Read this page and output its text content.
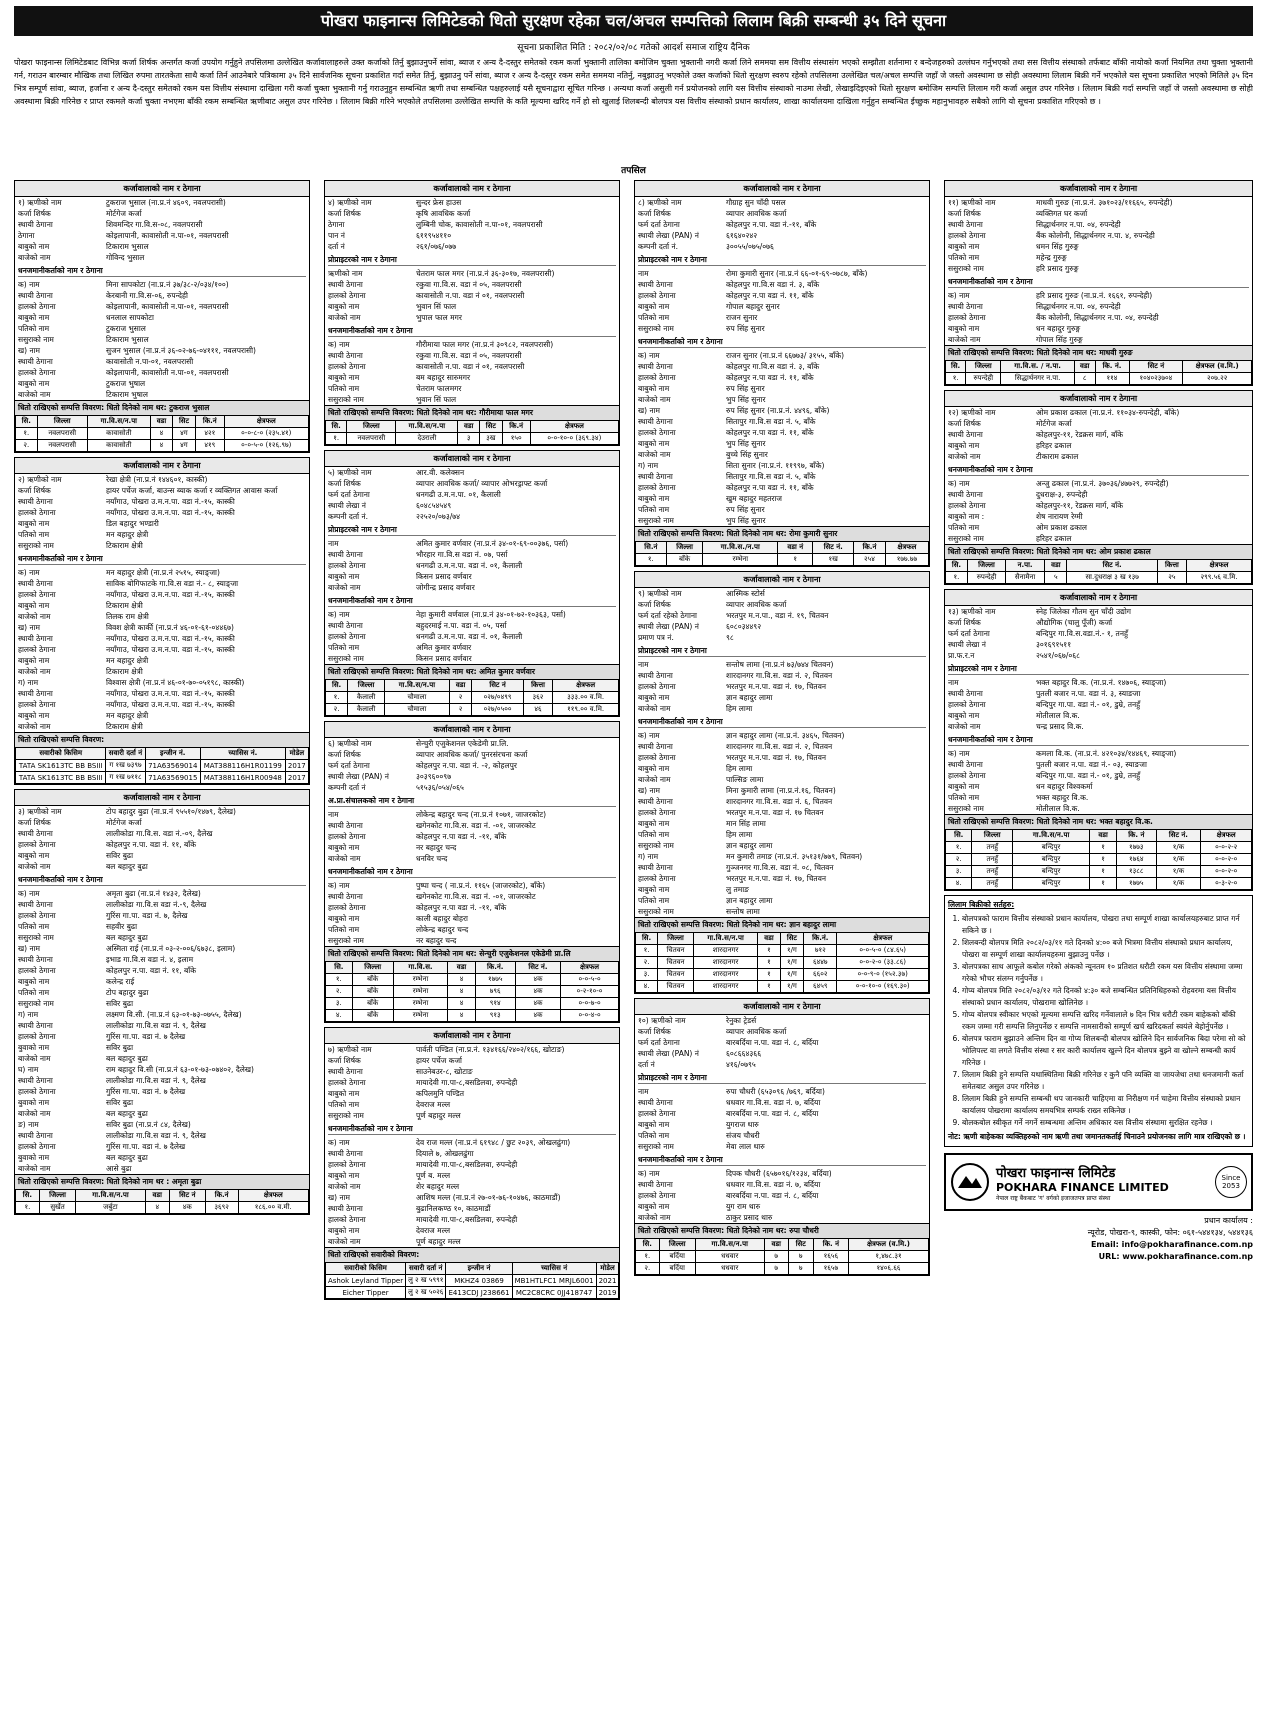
पोखरा फाइनान्स लिमिटेडको धितो सुरक्षण रहेका चल/अचल सम्पत्तिको लिलाम बिक्री सम्बन्धी ३५ दिने सूचना
सूचना प्रकाशित मिति : २०८२/०२/०८ गतेको आदर्श समाज राष्ट्रिय दैनिक
पोखरा फाइनान्स लिमिटेडबाट विभिन्न कर्जा शिर्षक अन्तर्गत कर्जा उपयोग गर्नुहुने तपसिलमा उल्लेखित कर्जावालाहरुले उक्त कर्जाको तिर्नु बुझाउनुपर्ने सांवा, ब्याज र अन्य दै-दस्तुर समेतको रकम कर्जा भुक्तानी तालिका बमोजिम चुक्ता भुक्तानी नगरी कर्जा लिने सममया सम वित्तीय संस्थासंग भएको सम्झौता शर्तनामा र बन्देजहरुको उल्लंघन गर्नुभएको तथा सस वित्तीय संस्थाको तर्फबाट बाँकी नायोको कर्जा नियमित तथा चुक्ता भुक्तानी गर्न, गराउन बारम्बार मौखिक तथा लिखित रुपमा तारतकेता साथै कर्जा तिर्न आउनेबारे पत्रिकामा ३५ दिने सार्वजनिक सूचना प्रकाशित गर्दा समेत तिर्नु, बुझाउनु पर्ने सांवा, ब्याज र अन्य दै-दस्तुर रकम समेत सममया नतिर्नु, नबुझाउनु भएकोले उक्त कर्जाको धितो सुरक्षण स्वरुप रहेको तपसिलमा उल्लेखित चल/अचल सम्पत्ति जहाँ जे जस्तो अवस्थामा छ सोही अवस्थामा लिलाम बिक्री गर्ने भएकोले यस सूचना प्रकाशित भएको मितिले ३५ दिन भित्र सम्पूर्ण सांवा, ब्याज, हर्जाना र अन्य दै-दस्तुर समेतको रकम यस वित्तीय संस्थामा दाखिला गरी कर्जा चुक्ता भुक्तानी गर्नु गराउनुहुन सम्बन्धित ऋणी तथा सम्बन्धित पक्षहरुलाई यसै सूचनाद्वारा सूचित गरिन्छ । अन्यथा कर्जा असुली गर्न प्रयोजनको लागि यस वित्तीय संस्थाको नाउमा लेखी, लेखाइदिइएको धितो सुरक्षण बमोजिम सम्पत्ति लिलाम गरी कर्जा असुल उपर गरिनेछ । लिलाम बिक्री गर्दा सम्पत्ति जहाँ जे जस्तो अवस्थामा छ सोही अवस्थामा बिक्री गरिनेछ र प्राप्त रकमले कर्जा चुक्ता नभएमा बाँकी रकम सम्बन्धित ऋणीबाट असुल उपर गरिनेछ । लिलाम बिक्री गरिने भएकोले तपसिलमा उल्लेखित सम्पत्ति के कति मूल्यमा खरिद गर्ने हो सो खुलाई शिलबन्दी बोलपत्र यस वित्तीय संस्थाको प्रधान कार्यालय, शाखा कार्यालयमा दाखिला गर्नुहुन सम्बन्धित ईच्छुक महानुभावहरु सबैको लागि यो सूचना प्रकाशित गरिएको छ ।
तपसिल
कर्जावालाको नाम र ठेगाना
१) ऋणीको नाम	टुकराज भुसाल (ना.प्र.नं ४६०९, नवलपरासी)
कर्जा शिर्षक	मोर्टगेज कर्जा
स्थायी ठेगाना	शिवमन्दिर गा.वि.स-०८, नवलपरासी
ठेगाना	कोइलापानी, कावासोती न.पा-०१, नवलपरासी
बाबुको नाम	टिकाराम भुसाल
बाजेको नाम	गोविन्द भुसाल
धनजमानीकर्ताको नाम र ठेगाना
क) नाम	मिना सापकोटा (ना.प्र.नं ३७/३८-२/०३४/१००)
स्थायी ठेगाना	केरबानी गा.वि.स-०६, रुपन्देही
हालको ठेगाना	कोइलापानी, कावासोती न.पा-०१, नवलपरासी
बाबुको नाम	धनलाल सापकोटा
पतिको नाम	टुकराज भुसाल
ससुराको नाम	टिकाराम भुसाल
ख) नाम	सुजन भुसाल (ना.प्र.नं ३६-०२-७६-०४१११, नवलपरासी)
स्थायी ठेगाना	कावासोती न.पा-०१, नवलपरासी
हालको ठेगाना	कोइलापानी, कावासोती न.पा-०१, नवलपरासी
बाबुको नाम	टुकराज भुषाल
बाजेको नाम	टिकाराम भुषाल
धितो राखिएको सम्पत्ति विवरण: धितो दिनेको नाम थर: टुकराज भुसाल
सि.	जिल्ला	गा.वि.स/न.पा	वडा	सिट	कि.नं	क्षेत्रफल
१.	नवलपरासी	कावासोती	४	४ग	४२१	०-०-८-० (२३५.४१)
२.	नवलपरासी	कावासोती	४	४ग	४१९	०-०-५-० (१२६.९७)
कर्जावालाको नाम र ठेगाना
२) ऋणीको नाम	रेखा क्षेत्री (ना.प्र.नं १४४६०१, कास्की)
कर्जा शिर्षक	हायर पर्चेज कर्जा, बाउन्स ब्याक कर्जा र व्यक्तिगत आवास कर्जा
स्थायी ठेगाना	नयाँगाउ, पोखरा उ.म.न.पा. वडा नं.-१५, कास्की
हालको ठेगाना	नयाँगाउ, पोखरा उ.म.न.पा. वडा नं.-१५, कास्की
बाबुको नाम	डिल बहादुर भण्डारी
पतिको नाम	मन बहादुर क्षेत्री
ससुराको नाम	टिकाराम क्षेत्री
धनजमानीकर्ताको नाम र ठेगाना
क) नाम	मन बहादुर क्षेत्री (ना.प्र.नं २५१५, स्याङ्जा)
स्थायी ठेगाना	साविक बोगिफाटके गा.वि.स वडा नं.- ८, स्याङ्जा
हालको ठेगाना	नयाँगाउ, पोखरा उ.म.न.पा. वडा नं.-१५, कास्की
बाबुको नाम	टिकाराम क्षेत्री
बाजेको नाम	तिलक राम क्षेत्री
ख) नाम	विवश क्षेत्री कार्की (ना.प्र.नं ४६-०१-६१-०४४६७)
स्थायी ठेगाना	नयाँगाउ, पोखरा उ.म.न.पा. वडा नं.-१५, कास्की
हालको ठेगाना	नयाँगाउ, पोखरा उ.म.न.पा. वडा नं.-१५, कास्की
बाबुको नाम	मन बहादुर क्षेत्री
बाजेको नाम	टिकाराम क्षेत्री
ग) नाम	विश्वास क्षेत्री (ना.प्र.नं ४६-०१-७०-०५१९८, कास्की)
स्थायी ठेगाना	नयाँगाउ, पोखरा उ.म.न.पा. वडा नं.-१५, कास्की
हालको ठेगाना	नयाँगाउ, पोखरा उ.म.न.पा. वडा नं.-१५, कास्की
बाबुको नाम	मन बहादुर क्षेत्री
बाजेको नाम	टिकाराम क्षेत्री
धितो राखिएको सम्पत्ति विवरण:
सवारीको किसिम	सवारी दर्ता नं	इन्जीन नं.	च्यासिस नं.	मोडेल
TATA SK1613TC BB BSIII	ग १ख ७३९७	71A63569014	MAT388116H1R01199	2017
TATA SK1613TC BB BSIII	ग १ख ७११८	71A63569015	MAT388116H1R00948	2017
कर्जावालाको नाम र ठेगाना
३) ऋणीको नाम	टोप बहादुर बुढा (ना.प्र.नं ९५५१०/१४७९, दैलेख)
कर्जा शिर्षक	मोर्टगेज कर्जा
स्थायी ठेगाना	लालीकोडा गा.वि.स. वडा नं.-०९, दैलेख
हालको ठेगाना	कोहलपुर न.पा. वडा नं. ११, बाँके
बाबुको नाम	सविर बुढा
बाजेको नाम	बल बहादुर बुढा
धनजमानीकर्ताको नाम र ठेगाना
क) नाम	अमृता बुढा (ना.प्र.नं १४३२, दैलेख)
स्थायी ठेगाना	लालीकोडा गा.वि.स वडा नं.-९, दैलेख
हालको ठेगाना	गुरिंस गा.पा. वडा नं. ७, दैलेख
पतिको नाम	सहवीर बुढा
ससुराको नाम	बल बहादुर बुढा
ख) नाम	अस्मिता राई (ना.प्र.नं ०३-२-००६/६७३८, इलाम)
स्थायी ठेगाना	इभाड गा.वि.स वडा नं. ४, इलाम
हालको ठेगाना	कोहलपुर न.पा. वडा नं. ११, बाँके
बाबुको नाम	कलेन्द्र राई
पतिको नाम	टोप बहादुर बुढा
ससुराको नाम	सविर बुढा
ग) नाम	लक्ष्मण वि.सी. (ना.प्र.नं ६३-०१-७३-०७५५, दैलेख)
स्थायी ठेगाना	लालीकोडा गा.वि.स वडा नं. ९, दैलेख
हालको ठेगाना	गुरिंस गा.पा. वडा नं. ७ दैलेख
बुवाको नाम	सविर बुढा
बाजेको नाम	बल बहादुर बुढा
घ) नाम	राम बहादुर वि.सी (ना.प्र.नं ६३-०१-७३-०७४०२, दैलेख)
स्थायी ठेगाना	लालीकोडा गा.वि.स वडा नं. ९, दैलेख
हालको ठेगाना	गुरिंस गा.पा. वडा नं. ७ दैलेख
बुवाको नाम	सविर बुढा
बाजेको नाम	बल बहादुर बुढा
ङ) नाम	सविर बुढा (ना.प्र.नं ८४, दैलेख)
स्थायी ठेगाना	लालीकोडा गा.वि.स वडा नं. ९, दैलेख
हालको ठेगाना	गुरिंस गा.पा. वडा नं. ७ दैलेख
बुवाको नाम	बल बहादुर बुढा
बाजेको नाम	आसे बुढा
धितो राखिएको सम्पत्ति विवरण: धितो दिनेको नाम थर : अमृता बुढा
सि.	जिल्ला	गा.वि.स/न.पा	वडा	सिट नं	कि.नं	क्षेत्रफल
१.	सुर्खेत	जर्बुटा	४	४क	३६९२	१८६.०० व.मी.
कर्जावालाको नाम र ठेगाना
४) ऋणीको नाम	सुन्दर फ्रेस हाउस
कर्जा शिर्षक	कृषि आवधिक कर्जा
ठेगाना	लुम्बिनी चोक, कावासोती न.पा-०१, नवलपरासी
पान नं	६११९५४११०
दर्ता नं	२६१/०७६/०७७
प्रोप्राइटरको नाम र ठेगाना
ऋणीको नाम	चेतराम फाल मगर (ना.प्र.नं ३६-३०१७, नवलपरासी)
स्थायी ठेगाना	रकुवा गा.वि.स. वडा नं ०५, नवलपरासी
हालको ठेगाना	कावासोती न.पा. वडा नं ०१, नवलपरासी
बाबुको नाम	भुवान सिं फाल
बाजेको नाम	भुपाल फाल मगर
धनजमानीकर्ताको नाम र ठेगाना
क) नाम	गौरीमाया फाल मगर (ना.प्र.नं ३०९८२, नवलपरासी)
स्थायी ठेगाना	रकुवा गा.वि.स. वडा नं ०५, नवलपरासी
हालको ठेगाना	कावासोती न.पा. वडा नं ०१, नवलपरासी
बाबुको नाम	बम बहादुर सारुमगर
पतिको नाम	चेतराम फालमगर
ससुराको नाम	भुवान सिं फाल
धितो राखिएको सम्पत्ति विवरण: धितो दिनेको नाम थर: गौरीमाया फाल मगर
सि.	जिल्ला	गा.वि.स/न.पा	वडा	सिट	कि.नं	क्षेत्रफल
१.	नवलपरासी	देउराली	३	३ख	१५०	०-०-१०-० (३६९.३४)
कर्जावालाको नाम र ठेगाना
५) ऋणीको नाम	आर.वी. कलेक्सन
कर्जा शिर्षक	व्यापार आवधिक कर्जा/ व्यापार ओभरड्राफ्ट कर्जा
फर्म दर्ता ठेगाना	धनगढी उ.म.न.पा. ०१, कैलाली
स्थायी लेखा नं	६०४८५४५४९
कम्पनी दर्ता नं.	२२५२०/०७३/७४
प्रोप्राइटरको नाम र ठेगाना
नाम	अमित कुमार वर्णवार (ना.प्र.नं ३४-०१-६९-००३७६, पर्सा)
स्थायी ठेगाना	भौरहार गा.वि.स वडा नं. ०७, पर्सा
हालको ठेगाना	धनगढी उ.म.न.पा. वडा नं. ०१, कैलाली
बाबुको नाम	किसन प्रसाद वर्णवार
बाजेको नाम	जोगीन्द्र प्रसाद वर्णवार
धनजमानीकर्ताको नाम र ठेगाना
क) नाम	नेहा कुमारी वर्णवाल (ना.प्र.नं ३४-०१-७२-१०३६३, पर्सा)
स्थायी ठेगाना	बहुदरमाई न.पा. वडा नं. ०५, पर्सा
हालको ठेगाना	धनगढी उ.म.न.पा. वडा नं. ०१, कैलाली
पतिको नाम	अमित कुमार वर्णवार
ससुराको नाम	किसन प्रसाद वर्णवार
धितो राखिएको सम्पत्ति विवरण: धितो दिनेको नाम थर: अमित कुमार वर्णवार
सि.	जिल्ला	गा.वि.स/न.पा	वडा	सिट नं	कित्ता	क्षेत्रफल
१.	कैलाली	चौमाला	२	०२७/०४९९	३६२	३३३.०० व.मि.
२.	कैलाली	चौमाला	२	०२७/०५००	४६	११९.०० व.मि.
कर्जावालाको नाम र ठेगाना
६) ऋणीको नाम	सेन्चुरी एजुकेशनल एकेडेमी प्रा.लि.
कर्जा शिर्षक	व्यापार आवधिक कर्जा/ पुनरसंरचना कर्जा
फर्म दर्ता ठेगाना	कोहलपुर न.पा. वडा नं. -२, कोहलपुर
स्थायी लेखा (PAN) नं	३०३९६००९७
कम्पनी दर्ता नं	५१५३६/०५४/०६५
अ.प्रा.संचालकको नाम र ठेगाना
नाम	लोकेन्द्र बहादुर चन्द (ना.प्र.नं १०७१, जाजरकोट)
स्थायी ठेगाना	खगेनकोट गा.वि.स. वडा नं. -०१, जाजरकोट
हालको ठेगाना	कोहलपुर न.पा वडा नं. -११, बाँके
बाबुको नाम	नर बहादुर चन्द
बाजेको नाम	धनविर चन्द
धनजमानीकर्ताको नाम र ठेगाना
क) नाम	पुष्पा चन्द ( ना.प्र.नं. ११६५ (जाजरकोट), बाँके)
स्थायी ठेगाना	खगेनकोट गा.वि.स. वडा नं. -०१, जाजरकोट
हालको ठेगाना	कोहलपुर न.पा वडा नं. -११, बाँके
बाबुको नाम	काली बहादुर बोहरा
पतिको नाम	लोकेन्द्र बहादुर चन्द
ससुराको नाम	नर बहादुर चन्द
धितो राखिएको सम्पत्ति विवरण: धितो दिनेको नाम थर: सेन्चुरी एजुकेशनल एकेडेमी प्रा.लि
सि.	जिल्ला	गा.वि.स.	वडा	कि.नं.	सिट नं.	क्षेत्रफल
१.	बाँके	रम्भेना	४	१७७५	४क	०-०-५-०
२.	बाँके	रम्भेना	४	७९६	४क	०-२-१०-०
३.	बाँके	रम्भेना	४	९१४	४क	०-०-७-०
४.	बाँके	रम्भेना	४	९१३	४क	०-०-४-०
कर्जावालाको नाम र ठेगाना
७) ऋणीको नाम	पार्वती पण्डित (ना.प्र.नं. १३४१६६/२४०२/१६६, खोटाङ)
कर्जा शिर्षक	हायर पर्चेज कर्जा
स्थायी ठेगाना	साउनेबउर-८, खोटाङ
हालको ठेगाना	मायादेवी गा.पा-८,बसडिलवा, रुपन्देही
बाबुको नाम	कपिलमुनि पण्डित
पतिको नाम	देवराज मल्ल
ससुराको नाम	पूर्ण बहादुर मल्ल
धनजमानीकर्ताको नाम र ठेगाना
क) नाम	देव राज मल्ल (ना.प्र.नं ६१९४८ / छुट २०३९, ओखलढुंगा)
स्थायी ठेगाना	दियाले ७, ओखलढुंगा
हालको ठेगाना	मायादेवी गा.पा-८,बसडिलवा, रुपन्देही
बाबुको नाम	पूर्ण ब. मल्ल
बाजेको नाम	शेर बहादुर मल्ल
ख) नाम	आशिष मल्ल (ना.प्र.नं २७-०१-७६-१०४७६, काठमाडौं)
स्थायी ठेगाना	बुढानिलकण्ठ १०, काठमाडौं
हालको ठेगाना	मायादेवी गा.पा-८,बसडिलवा, रुपन्देही
बाबुको नाम	देवराज मल्ल
बाजेको नाम	पूर्ण बहादुर मल्ल
धितो राखिएको सवारीको विवरण:
सवारीको किसिम	सवारी दर्ता नं	इन्जीन नं	च्यासिस नं	मोडेल
Ashok Leyland Tipper	लु २ ख ५९९१	MKHZ4 03869	MB1HTLFC1 MRJL6001	2021
Eicher Tipper	लु २ ख ५०२६	E413CDJ J238661	MC2C8CRC 0JJ418747	2019
कर्जावालाको नाम र ठेगाना
८) ऋणीको नाम	गौग्राह सुन चाँदी पसल
कर्जा शिर्षक	व्यापार आवधिक कर्जा
फर्म दर्ता ठेगाना	कोहलपुर न.पा. वडा नं.-११, बाँके
स्थायी लेखा (PAN) नं	६१६४०२४२
कम्पनी दर्ता नं.	३००५५/०७५/०७६
प्रोप्राइटरको नाम र ठेगाना
नाम	रोमा कुमारी सुनार (ना.प्र.नं ६६-०१-६९-०७८७, बाँके)
स्थायी ठेगाना	कोहलपुर गा.वि.स वडा नं. ३, बाँके
हालको ठेगाना	कोहलपुर न.पा वडा नं. ११, बाँके
बाबुको नाम	गोपाल बहादुर सुनार
पतिको नाम	राजन सुनार
ससुराको नाम	रुप सिंह सुनार
धनजमानीकर्ताको नाम र ठेगाना
क) नाम	राजन सुनार (ना.प्र.नं ६६७७३/ ३१५५, बाँके)
स्थायी ठेगाना	कोहलपुर गा.वि.स वडा नं. ३, बाँके
हालको ठेगाना	कोहलपुर न.पा वडा नं. ११, बाँके
बाबुको नाम	रुप सिंह सुनार
बाजेको नाम	भुप सिंह सुनार
ख) नाम	रुप सिंह सुनार (ना.प्र.नं. ४४९६, बाँके)
स्थायी ठेगाना	सितापुर गा.वि.स वडा नं. ५, बाँके
हालको ठेगाना	कोहलपुर न.पा वडा नं. ११, बाँके
बाबुको नाम	भुप सिंह सुनार
बाजेको नाम	बुच्चे सिंह सुनार
ग) नाम	सिता सुनार (ना.प्र.नं. ११९९७, बाँके)
स्थायी ठेगाना	सितापुर गा.वि.स वडा नं. ५, बाँके
हालको ठेगाना	कोहलपुर न.पा वडा नं. ११, बाँके
बाबुको नाम	खुम बहादुर महतराज
पतिको नाम	रुप सिंह सुनार
ससुराको नाम	भुप सिंह सुनार
धितो राखिएको सम्पत्ति विवरण: धितो दिनेको नाम थर: रोमा कुमारी सुनार
सि.नं	जिल्ला	गा.वि.स./न.पा	वडा नं	सिट नं.	कि.नं	क्षेत्रफल
१.	बाँके	रम्भेना	१	१ख	२५४	१७७.७७
कर्जावालाको नाम र ठेगाना
९) ऋणीको नाम	आस्मिक स्टोर्स
कर्जा शिर्षक	व्यापार आवधिक कर्जा
फर्म दर्ता रहेको ठेगाना	भरतपुर म.न.पा., वडा नं. १९, चितवन
स्थायी लेखा (PAN) नं	६०८०३४४९२
प्रमाण पत्र नं.	९८
प्रोप्राइटरको नाम र ठेगाना
नाम	सन्तोष लामा (ना.प्र.नं ७३/७४४ चितवन)
स्थायी ठेगाना	शारदानगर गा.वि.स. वडा नं. २, चितवन
हालको ठेगाना	भरतपुर म.न.पा. वडा नं. १७, चितवन
बाबुको नाम	ज्ञान बहादुर लामा
बाजेको नाम	हिम लामा
धनजमानीकर्ताको नाम र ठेगाना
क) नाम	ज्ञान बहादुर लामा (ना.प्र.नं. ३४६५, चितवन)
स्थायी ठेगाना	शारदानगर गा.वि.स. वडा नं. २, चितवन
हालको ठेगाना	भरतपुर म.न.पा. वडा नं. १७, चितवन
बाबुको नाम	हिम लामा
बाजेको नाम	पाल्सिङ लामा
ख) नाम	मिना कुमारी लामा (ना.प्र.नं.१६, चितवन)
स्थायी ठेगाना	शारदानगर गा.वि.स. वडा नं. ६, चितवन
हालको ठेगाना	भरतपुर म.न.पा. वडा नं. १७ चितवन
बाबुको नाम	मान सिंह लामा
पतिको नाम	हिम लामा
ससुराको नाम	ज्ञान बहादुर लामा
ग) नाम	मन कुमारी तमाङ (ना.प्र.नं. ३५१३१/७७९, चितवन)
स्थायी ठेगाना	गुञ्जनगर गा.वि.स. वडा नं. ०८, चितवन
हालको ठेगाना	भरतपुर म.न.पा. वडा नं. १७, चितवन
बाबुको नाम	लु तमाङ
पतिको नाम	ज्ञान बहादुर लामा
ससुराको नाम	सन्तोष लामा
धितो राखिएको सम्पत्ति विवरण: धितो दिनेको नाम थर: ज्ञान बहादुर लामा
सि.	जिल्ला	गा.वि.स/न.पा	वडा	सिट	कि.नं.	क्षेत्रफल
१.	चितवन	शारदानगर	१	१/ग	७१२	०-०-५-० (८४.६५)
२.	चितवन	शारदानगर	१	१/ग	६४४७	०-०-२-० (३३.८६)
३.	चितवन	शारदानगर	१	१/ग	६६०२	०-०-९-० (१५२.३७)
४.	चितवन	शारदानगर	१	१/ग	६४५९	०-०-१०-० (१६९.३०)
कर्जावालाको नाम र ठेगाना
१०) ऋणीको नाम	रेनुका ट्रेडर्स
कर्जा शिर्षक	व्यापार आवधिक कर्जा
फर्म दर्ता ठेगाना	बारबर्दिया न.पा. वडा नं. ८, बर्दिया
स्थायी लेखा (PAN) नं	६०८६६४३६६
दर्ता नं	४१६/०७९५
प्रोप्राइटरको नाम र ठेगाना
नाम	रुपा चौधरी (६५३०९६ /७६९, बर्दिया)
स्थायी ठेगाना	धधवार गा.वि.स. वडा नं. ७, बर्दिया
हालको ठेगाना	बारबर्दिया न.पा. वडा नं. ८, बर्दिया
बाबुको नाम	युगराज थारु
पतिको नाम	संजय चौधरी
ससुराको नाम	मेवा लाल थारु
धनजमानीकर्ताको नाम र ठेगाना
क) नाम	दिपक चौधरी (६५७०१६/१२३४, बर्दिया)
स्थायी ठेगाना	धधवार गा.वि.स. वडा नं. ७, बर्दिया
हालको ठेगाना	बारबर्दिया न.पा. वडा नं. ८, बर्दिया
बाबुको नाम	युग राम थारु
बाजेको नाम	ठाकुर प्रसाद थारु
धितो राखिएको सम्पत्ति विवरण: धितो दिनेको नाम थर: रुपा चौधरी
सि.	जिल्ला	गा.वि.स/न.पा	वडा	सिट	कि. नं	क्षेत्रफल (व.मि.)
१.	बर्दिया	धधवार	७	७	१६५६	१,४७८.३१
२.	बर्दिया	धधवार	७	७	१६५७	१४०६.६६
कर्जावालाको नाम र ठेगाना
११) ऋणीको नाम	माधवी गुरुङ (ना.प्र.नं. ३७१०२३/११६६५, रुपन्देही)
कर्जा शिर्षक	व्यक्तिगत घर कर्जा
स्थायी ठेगाना	सिद्धार्थनगर न.पा. ०४, रुपन्देही
हालको ठेगाना	बैंक कोलोनी, सिद्धार्थनगर न.पा. ४, रुपन्देही
बाबुको नाम	धमन सिंह गुरुङ्ग
पतिको नाम	महेन्द्र गुरुङ्ग
ससुराको नाम	हरि प्रसाद गुरुङ्ग
धनजमानीकर्ताको नाम र ठेगाना
क) नाम	हरि प्रसाद गुरुङ (ना.प्र.नं. १६६१, रुपन्देही)
स्थायी ठेगाना	सिद्धार्थनगर न.पा. ०४, रुपन्देही
हालको ठेगाना	बैंक कोलोनी, सिद्धार्थनगर न.पा. ०४, रुपन्देही
बाबुको नाम	धन बहादुर गुरुङ्ग
बाजेको नाम	गोपाल सिंह गुरुङ्ग
धितो राखिएको सम्पत्ति विवरण: धितो दिनेको नाम थर: माधवी गुरुङ
सि.	जिल्ला	गा.वि.स. / न.पा.	वडा	कि. नं.	सिट नं	क्षेत्रफल (व.मि.)
१.	रुपन्देही	सिद्धार्थनगर न.पा.	८	११४	१०४०२३७०४	२०७.२२
कर्जावालाको नाम र ठेगाना
१२) ऋणीको नाम	ओम प्रकाश ढकाल (ना.प्र.नं. ११०३४-रुपन्देही, बाँके)
कर्जा शिर्षक	मोर्टगेज कर्जा
स्थायी ठेगाना	कोहलपुर-११, रेडक्रस मार्ग, बाँके
बाबुको नाम	हरिहर ढकाल
बाजेको नाम	टीकाराम ढकाल
धनजमानीकर्ताको नाम र ठेगाना
क) नाम	अन्जु ढकाल (ना.प्र.नं. ३७०३६/४७७२९, रुपन्देही)
स्थायी ठेगाना	दुधराक्ष-३, रुपन्देही
हालको ठेगाना	कोहलपुर-११, रेडक्रस मार्ग, बाँके
बाबुको नाम :	शेष नारायण रेग्मी
पतिको नाम	ओम प्रकाश ढकाल
ससुराको नाम	हरिहर ढकाल
धितो राखिएको सम्पत्ति विवरण: धितो दिनेको नाम थर: ओम प्रकाश ढकाल
सि.	जिल्ला	न.पा.	वडा	सिट नं.	कित्ता	क्षेत्रफल
१.	रुपन्देही	सैनामैना	५	सा.दुधराक्ष ३ ख १३७	२५	२९९.५६ व.मि.
कर्जावालाको नाम र ठेगाना
१३) ऋणीको नाम	स्नेह जिलेका गौतम सुन चाँदी उद्योग
कर्जा शिर्षक	औद्योगिक (चालु पूँजी) कर्जा
फर्म दर्ता ठेगाना	बन्दिपुर गा.वि.स.वडा.नं.- १, तनहुँ
स्थायी लेखा नं	३०१६९१५११
प्रा.फ.र.न	२५४१/०६७/०६८
प्रोप्राइटरको नाम र ठेगाना
नाम	भक्त बहादुर वि.क. (ना.प्र.नं. १४७०६, स्याङ्जा)
स्थायी ठेगाना	पुतली बजार न.पा. वडा नं. ३, स्याङजा
हालको ठेगाना	बन्दिपुर गा.पा. वडा नं.- ०१, डुम्रे, तनहुँ
बाबुको नाम	मोतीलाल वि.क.
बाजेको नाम	चन्द्र प्रसाद वि.क.
धनजमानीकर्ताको नाम र ठेगाना
क) नाम	कमला वि.क. (ना.प्र.नं. ४२१०३४/१४४६९, स्याङ्जा)
स्थायी ठेगाना	पुतली बजार न.पा. वडा नं.- ०३, स्याङजा
हालको ठेगाना	बन्दिपुर गा.पा. वडा नं.- ०१, डुम्रे, तनहुँ
बाबुको नाम	धन बहादुर विश्वकर्मा
पतिको नाम	भक्त बहादुर वि.क.
ससुराको नाम	मोतीलाल वि.क.
धितो राखिएको सम्पत्ति विवरण: धितो दिनेको नाम थर: भक्त बहादुर वि.क.
सि.	जिल्ला	गा.वि.स/न.पा	वडा	कि. नं	सिट नं.	क्षेत्रफल
१.	तनहुँ	बन्दिपुर	१	१७७३	१/क	०-०-२-२
२.	तनहुँ	बन्दिपुर	१	१७६४	१/क	०-०-२-०
३.	तनहुँ	बन्दिपुर	१	१३८८	१/क	०-०-२-०
४.	तनहुँ	बन्दिपुर	१	१७७५	१/क	०-३-२-०
लिलाम बिक्रीको सर्तहरु:
1. बोलपत्रको फाराम वित्तीय संस्थाको प्रधान कार्यालय, पोखरा तथा सम्पूर्ण शाखा कार्यालयहरुबाट प्राप्त गर्न सकिने छ ।
2. शिलबन्दी बोलपत्र मिति २०८२/०३/११ गते दिनको ४:०० बजे भित्रमा वित्तीय संस्थाको प्रधान कार्यालय, पोखरा वा सम्पूर्ण शाखा कार्यालयहरुमा बुझाउनु पर्नेछ ।
3. बोलपत्रका साथ आफूले कबोल गरेको अंकको न्यूनतम १० प्रतिशत धरौटी रकम यस वित्तीय संस्थामा जम्मा गरेको भौचर संलग्न गर्नुपर्नेछ ।
4. गोप्य बोलपत्र मिति २०८२/०३/१२ गते दिनको ४:३० बजे सम्बन्धित प्रतिनिधिहरुको रोहवरमा यस वित्तीय संस्थाको प्रधान कार्यालय, पोखरामा खोलिनेछ ।
5. गोप्य बोलपत्र स्वीकार भएको मूल्यमा सम्पत्ति खरिद गर्नेवालाले ७ दिन भित्र धरौटी रकम बाहेकको बाँकी रकम जम्मा गरी सम्पत्ति लिनुपर्नेछ र सम्पत्ति नामसारीको सम्पूर्ण खर्च खरिदकर्ता स्वयंले बेहोर्नुपर्नेछ ।
6. बोलपत्र फाराम बुझाउने अन्तिम दिन वा गोप्य शिलबन्दी बोलपत्र खोलिने दिन सार्वजनिक बिदा परेमा सो को भोलिपल्ट वा लगते वित्तीय संस्था र सर कारी कार्यालय खुल्ने दिन बोलपत्र बुझ्ने वा खोल्ने सम्बन्धी कार्य गरिनेछ ।
7. लिलाम बिक्री हुने सम्पत्ति यथास्थितिमा बिक्री गरिनेछ र कुनै पनि व्यक्ति वा जायजेथा तथा धनजमानी कर्ता समेतबाट असुल उपर गरिनेछ ।
8. लिलाम बिक्री हुने सम्पत्ति सम्बन्धी थप जानकारी चाहिएमा वा निरीक्षण गर्न चाहेमा वित्तीय संस्थाको प्रधान कार्यालय पोखरामा कार्यालय समयभित्र सम्पर्क राख्न सकिनेछ ।
9. बोलकबोल स्वीकृत गर्ने नगर्ने सम्बन्धमा अन्तिम अधिकार यस वित्तीय संस्थामा सुरक्षित रहनेछ ।
नोट: ऋणी बाहेकका व्यक्तिहरुको नाम ऋणी तथा जमानतकर्ताई चिनाउने प्रयोजनका लागि मात्र राखिएको छ ।
पोखरा फाइनान्स लिमिटेड
POKHARA FINANCE LIMITED
नेपाल राष्ट्र बैंकबाट 'ग' वर्गको इजाजतपत्र प्राप्त संस्था
Since 2053
प्रधान कार्यालय :
न्यूरोड, पोखरा-९, कास्की, फोन: ०६१-५४४१३४, ५४४१३६
Email: info@pokharafinance.com.np
URL: www.pokharafinance.com.np
